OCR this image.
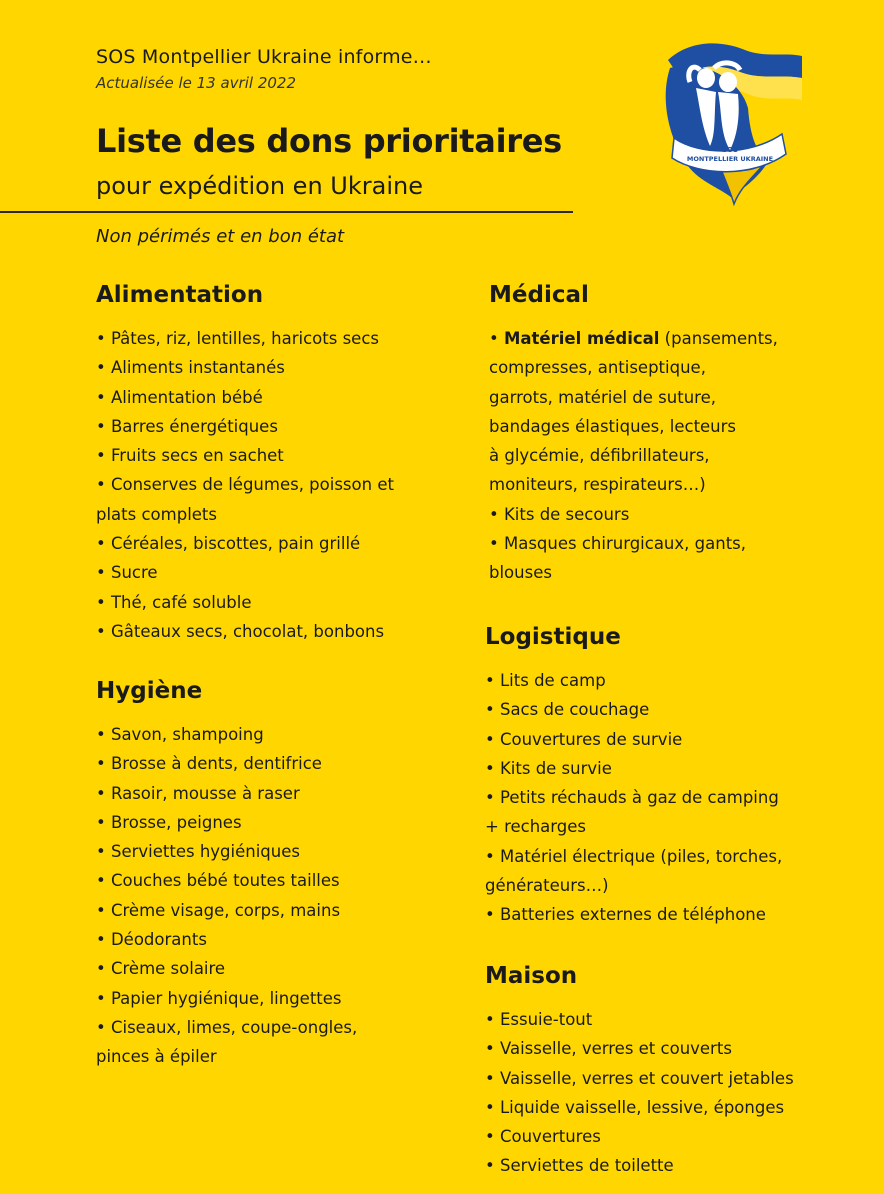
SOS Montpellier Ukraine informe…
Actualisée le 13 avril 2022
Liste des dons prioritaires
pour expédition en Ukraine
Non périmés et en bon état
SOS
MONTPELLIER UKRAINE
Alimentation
• Pâtes, riz, lentilles, haricots secs
• Aliments instantanés
• Alimentation bébé
• Barres énergétiques
• Fruits secs en sachet
• Conserves de légumes, poisson et
plats complets
• Céréales, biscottes, pain grillé
• Sucre
• Thé, café soluble
• Gâteaux secs, chocolat, bonbons
Hygiène
• Savon, shampoing
• Brosse à dents, dentifrice
• Rasoir, mousse à raser
• Brosse, peignes
• Serviettes hygiéniques
• Couches bébé toutes tailles
• Crème visage, corps, mains
• Déodorants
• Crème solaire
• Papier hygiénique, lingettes
• Ciseaux, limes, coupe-ongles,
pinces à épiler
Médical
• Matériel médical (pansements,
compresses, antiseptique,
garrots, matériel de suture,
bandages élastiques, lecteurs
à glycémie, défibrillateurs,
moniteurs, respirateurs…)
• Kits de secours
• Masques chirurgicaux, gants,
blouses
Logistique
• Lits de camp
• Sacs de couchage
• Couvertures de survie
• Kits de survie
• Petits réchauds à gaz de camping
+ recharges
• Matériel électrique (piles, torches,
générateurs…)
• Batteries externes de téléphone
Maison
• Essuie-tout
• Vaisselle, verres et couverts
• Vaisselle, verres et couvert jetables
• Liquide vaisselle, lessive, éponges
• Couvertures
• Serviettes de toilette
